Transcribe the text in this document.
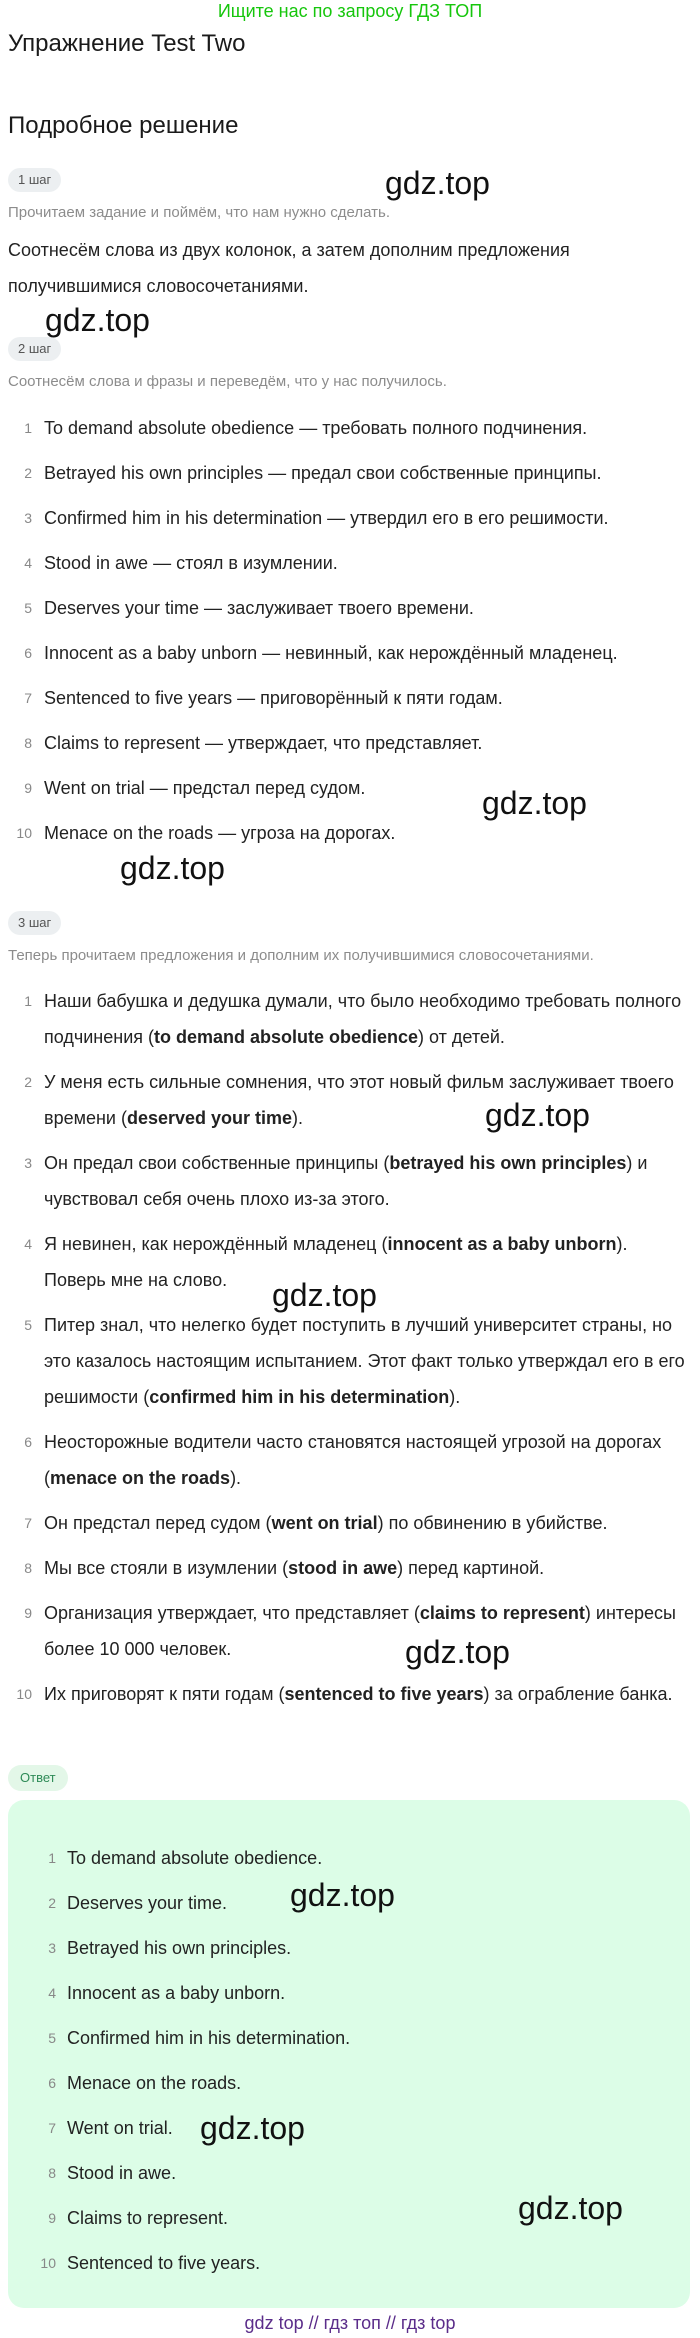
Ищите нас по запросу ГДЗ ТОП
Упражнение Test Two
Подробное решение
1 шаг

Прочитаем задание и поймём, что нам нужно сделать.

Соотнесём слова из двух колонок, а затем дополним предложения получившимися словосочетаниями.

2 шаг

Соотнесём слова и фразы и переведём, что у нас получилось.

1 To demand absolute obedience — требовать полного подчинения.
2 Betrayed his own principles — предал свои собственные принципы.
3 Confirmed him in his determination — утвердил его в его решимости.
4 Stood in awe — стоял в изумлении.
5 Deserves your time — заслуживает твоего времени.
6 Innocent as a baby unborn — невинный, как нерождённый младенец.
7 Sentenced to five years — приговорённый к пяти годам.
8 Claims to represent — утверждает, что представляет.
9 Went on trial — предстал перед судом.
10 Menace on the roads — угроза на дорогах.
3 шаг

Теперь прочитаем предложения и дополним их получившимися словосочетаниями.

1 Наши бабушка и дедушка думали, что было необходимо требовать полного подчинения (to demand absolute obedience) от детей.
2 У меня есть сильные сомнения, что этот новый фильм заслуживает твоего времени (deserved your time).
3 Он предал свои собственные принципы (betrayed his own principles) и чувствовал себя очень плохо из-за этого.
4 Я невинен, как нерождённый младенец (innocent as a baby unborn). Поверь мне на слово.
5 Питер знал, что нелегко будет поступить в лучший университет страны, но это казалось настоящим испытанием. Этот факт только утверждал его в его решимости (confirmed him in his determination).
6 Неосторожные водители часто становятся настоящей угрозой на дорогах (menace on the roads).
7 Он предстал перед судом (went on trial) по обвинению в убийстве.
8 Мы все стояли в изумлении (stood in awe) перед картиной.
9 Организация утверждает, что представляет (claims to represent) интересы более 10 000 человек.
10 Их приговорят к пяти годам (sentenced to five years) за ограбление банка.
Ответ
1 To demand absolute obedience.
2 Deserves your time.
3 Betrayed his own principles.
4 Innocent as a baby unborn.
5 Confirmed him in his determination.
6 Menace on the roads.
7 Went on trial.
8 Stood in awe.
9 Claims to represent.
10 Sentenced to five years.
gdz.top
gdz.top
gdz.top
gdz.top
gdz.top
gdz.top
gdz.top
gdz.top
gdz.top
gdz.top
gdz top // гдз топ // гдз top
